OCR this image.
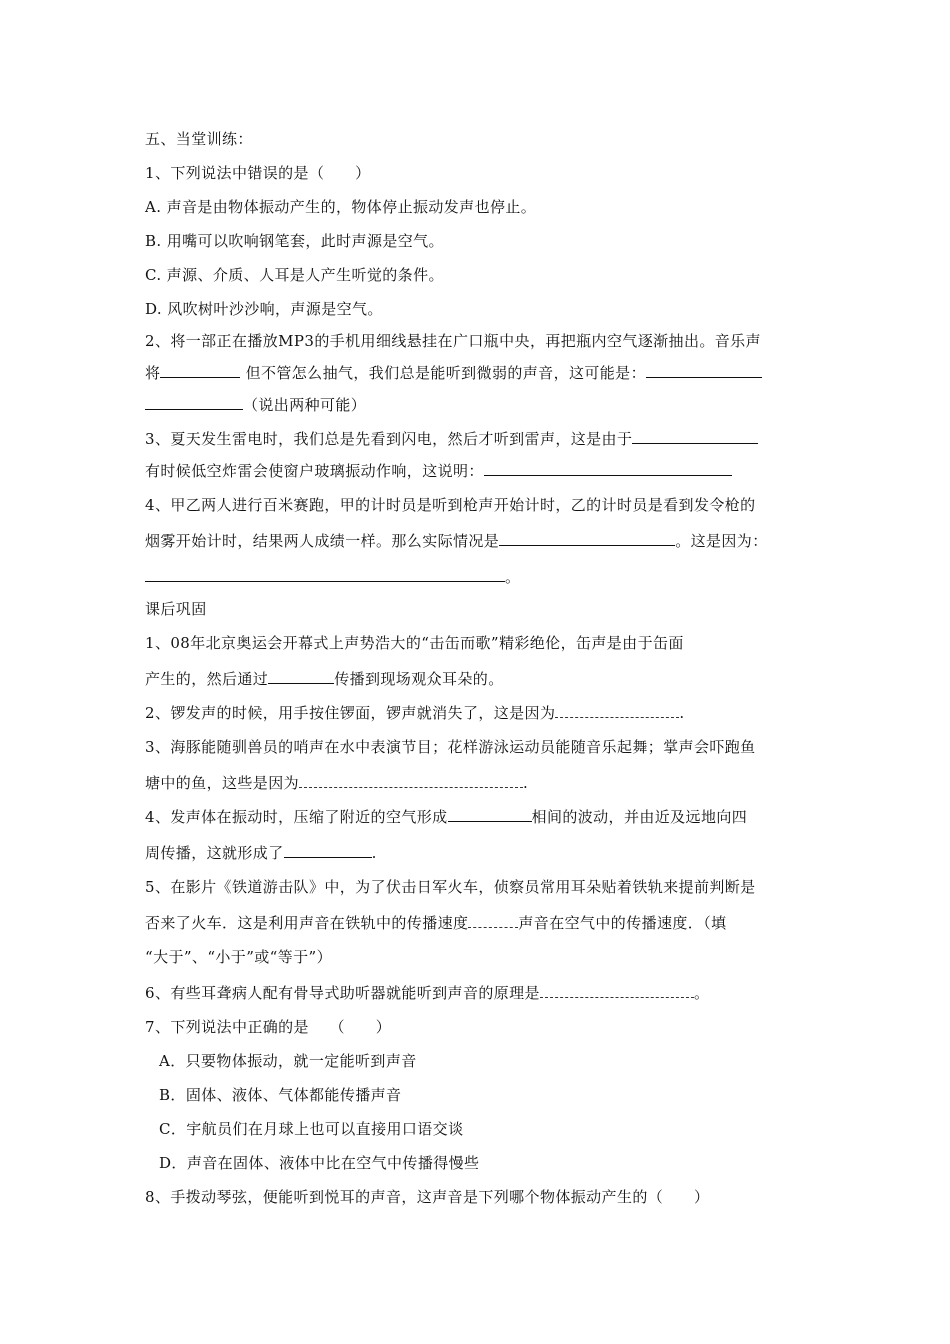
五、当堂训练：
1、下列说法中错误的是（　　）
A. 声音是由物体振动产生的，物体停止振动发声也停止。
B. 用嘴可以吹响钢笔套，此时声源是空气。
C. 声源、介质、人耳是人产生听觉的条件。
D. 风吹树叶沙沙响，声源是空气。
2、将一部正在播放MP3的手机用细线悬挂在广口瓶中央，再把瓶内空气逐渐抽出。音乐声
将	但不管怎么抽气，我们总是能听到微弱的声音，这可能是：
（说出两种可能）
3、夏天发生雷电时，我们总是先看到闪电，然后才听到雷声，这是由于
有时候低空炸雷会使窗户玻璃振动作响，这说明：
4、甲乙两人进行百米赛跑，甲的计时员是听到枪声开始计时，乙的计时员是看到发令枪的
烟雾开始计时，结果两人成绩一样。那么实际情况是	。这是因为：
。
课后巩固
1、08年北京奥运会开幕式上声势浩大的“击缶而歌”精彩绝伦，缶声是由于缶面
产生的，然后通过	传播到现场观众耳朵的。
2、锣发声的时候，用手按住锣面，锣声就消失了，这是因为	.
3、海豚能随驯兽员的哨声在水中表演节目；花样游泳运动员能随音乐起舞；掌声会吓跑鱼
塘中的鱼，这些是因为	.
4、发声体在振动时，压缩了附近的空气形成	相间的波动，并由近及远地向四
周传播，这就形成了	.
5、在影片《铁道游击队》中，为了伏击日军火车，侦察员常用耳朵贴着铁轨来提前判断是
否来了火车．这是利用声音在铁轨中的传播速度	声音在空气中的传播速度．（填
“大于”、“小于”或“等于”）
6、有些耳聋病人配有骨导式助听器就能听到声音的原理是	。
7、下列说法中正确的是　 （　　）
A．只要物体振动，就一定能听到声音
B．固体、液体、气体都能传播声音
C．宇航员们在月球上也可以直接用口语交谈
D．声音在固体、液体中比在空气中传播得慢些
8、手拨动琴弦，便能听到悦耳的声音，这声音是下列哪个物体振动产生的（　　）
